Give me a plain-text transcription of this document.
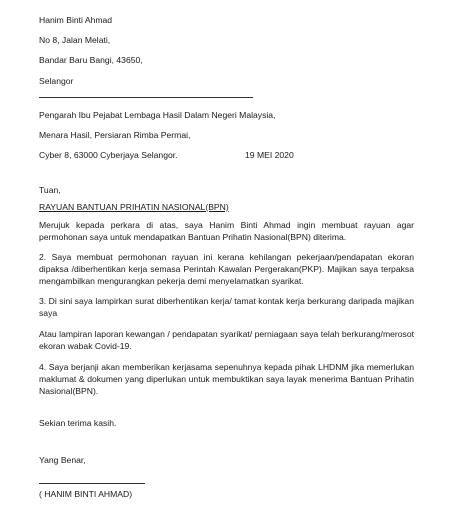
Hanim Binti Ahmad
No 8, Jalan Melati,
Bandar Baru Bangi, 43650,
Selangor
Pengarah Ibu Pejabat Lembaga Hasil Dalam Negeri Malaysia,
Menara Hasil, Persiaran Rimba Permai,
Cyber 8, 63000 Cyberjaya Selangor.	19 MEI 2020
Tuan,
RAYUAN BANTUAN PRIHATIN NASIONAL(BPN)
Merujuk kepada perkara di atas, saya Hanim Binti Ahmad ingin membuat rayuan agar permohonan saya untuk mendapatkan Bantuan Prihatin Nasional(BPN) diterima.
2. Saya membuat permohonan rayuan ini kerana kehilangan pekerjaan/pendapatan ekoran dipaksa /diberhentikan kerja semasa Perintah Kawalan Pergerakan(PKP). Majikan saya terpaksa mengambilkan mengurangkan pekerja demi menyelamatkan syarikat.
3. Di sini saya lampirkan surat diberhentikan kerja/ tamat kontak kerja berkurang daripada majikan saya
Atau lampiran laporan kewangan / pendapatan syarikat/ perniagaan saya telah berkurang/merosot ekoran wabak Covid-19.
4. Saya berjanji akan memberikan kerjasama sepenuhnya kepada pihak LHDNM jika memerlukan maklumat & dokumen yang diperlukan untuk membuktikan saya layak menerima Bantuan Prihatin Nasional(BPN).
Sekian terima kasih.
Yang Benar,
( HANIM BINTI AHMAD)
